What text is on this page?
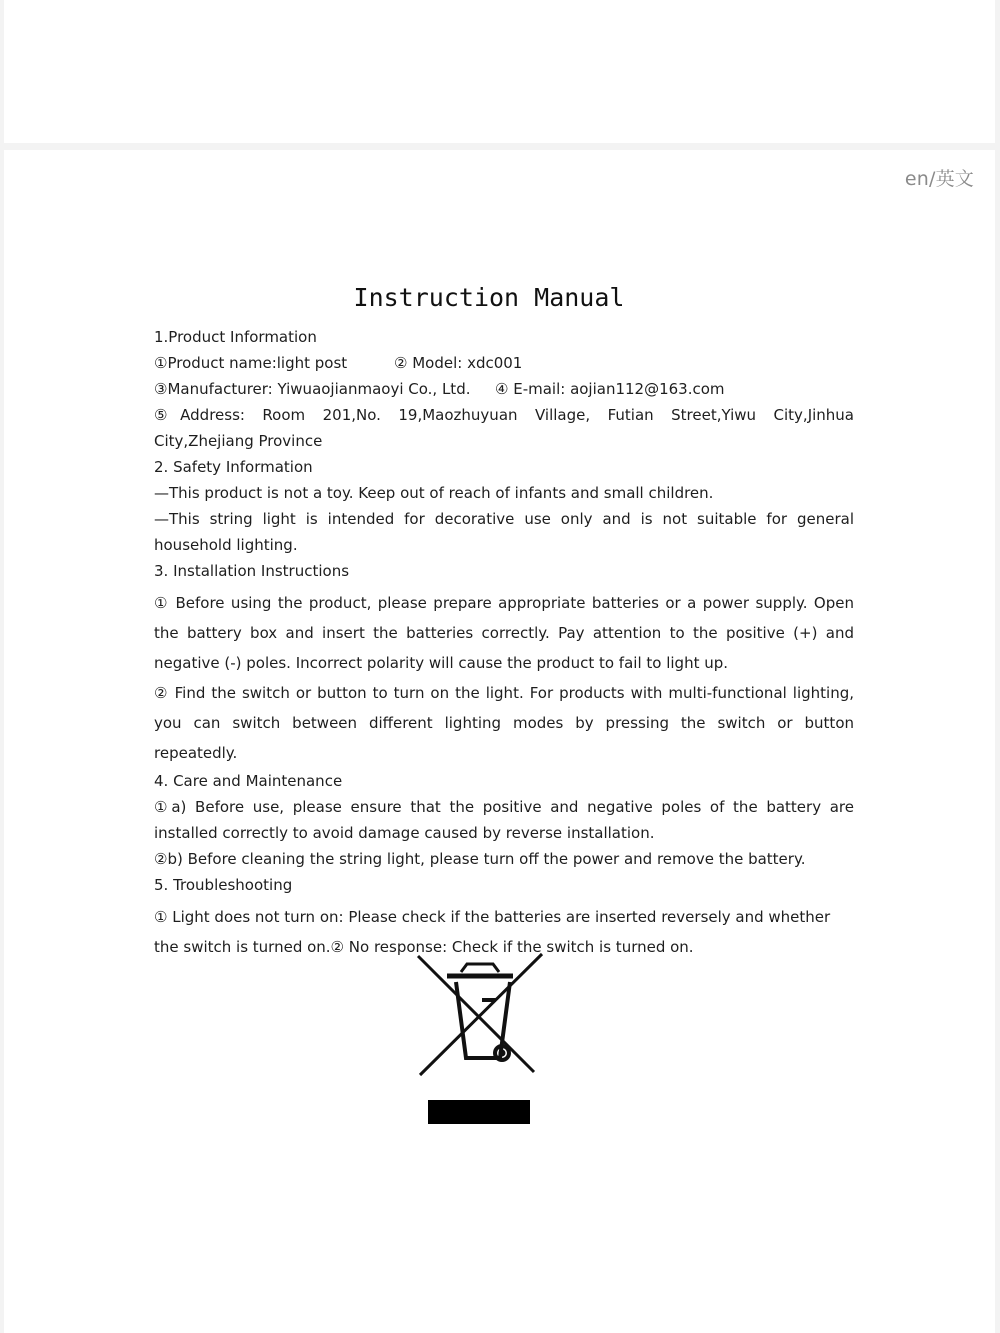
en/英文
Instruction Manual

1.Product Information

①Product name:light post	② Model: xdc001
③Manufacturer: Yiwuaojianmaoyi Co., Ltd.	④ E-mail: aojian112@163.com

⑤Address: Room 201,No. 19,Maozhuyuan Village, Futian Street,Yiwu City,Jinhua City,Zhejiang Province

2. Safety Information

—This product is not a toy. Keep out of reach of infants and small children.

—This string light is intended for decorative use only and is not suitable for general household lighting.

3. Installation Instructions

① Before using the product, please prepare appropriate batteries or a power supply. Open the battery box and insert the batteries correctly. Pay attention to the positive (+) and negative (-) poles. Incorrect polarity will cause the product to fail to light up.

② Find the switch or button to turn on the light. For products with multi-functional lighting, you can switch between different lighting modes by pressing the switch or button repeatedly.

4. Care and Maintenance

①a) Before use, please ensure that the positive and negative poles of the battery are installed correctly to avoid damage caused by reverse installation.

②b) Before cleaning the string light, please turn off the power and remove the battery.

5. Troubleshooting

① Light does not turn on: Please check if the batteries are inserted reversely and whether the switch is turned on.② No response: Check if the switch is turned on.
